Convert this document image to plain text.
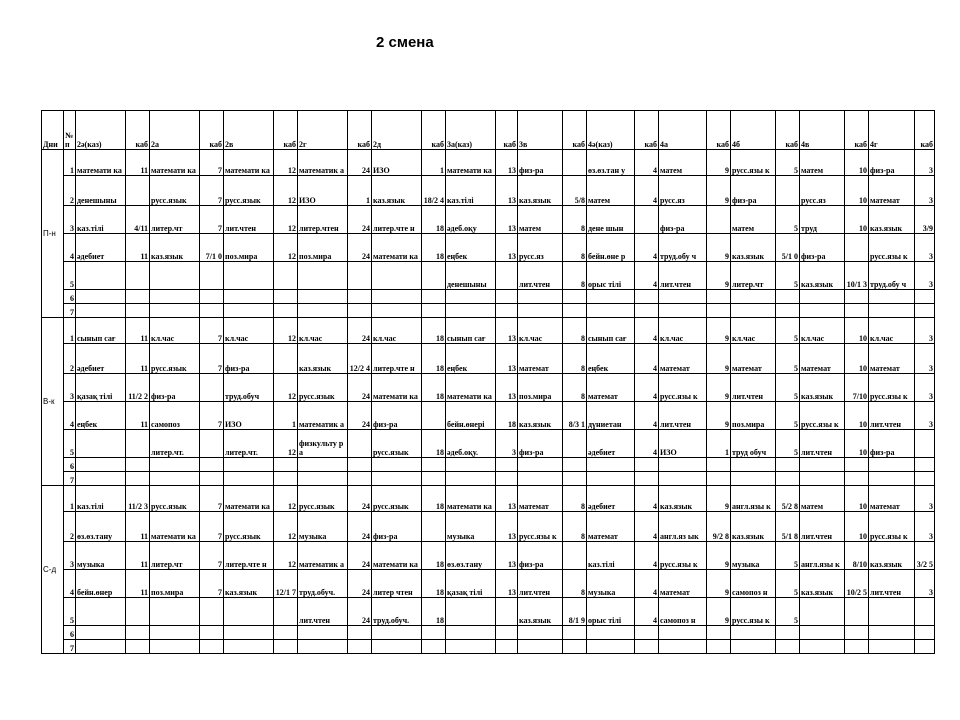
2 смена
Дни	№ п	2ә(каз)	каб	2а	каб	2в	каб	2г	каб	2д	каб	3а(каз)	каб	3в	каб	4ә(каз)	каб	4а	каб	4б	каб	4в	каб	4г	каб
П-н	1	математи ка	11	математи ка	7	математи ка	12	математик а	24	ИЗО	1	математи ка	13	физ-ра		өз.өз.тан у	4	матем	9	русс.язы к	5	матем	10	физ-ра	3
	2	денешыны		русс.язык	7	русс.язык	12	ИЗО	1	каз.язык	18/2 4	каз.тілі	13	каз.язык	5/8	матем	4	русс.яз	9	физ-ра		русс.яз	10	математ	3
	3	каз.тілі	4/11	литер.чт	7	лит.чтен	12	литер.чтен	24	литер.чте н	18	әдеб.оқу	13	матем	8	дене шын		физ-ра		матем	5	труд	10	каз.язык	3/9
	4	әдебиет	11	каз.язык	7/1 0	поз.мира	12	поз.мира	24	математи ка	18	еңбек	13	русс.яз	8	бейн.өне р	4	труд.обу ч	9	каз.язык	5/1 0	физ-ра		русс.язы к	3
	5											денешыны		лит.чтен	8	орыс тілі	4	лит.чтен	9	литер.чт	5	каз.язык	10/1 3	труд.обу ч	3
	6																								
	7																								
В-к	1	сынып сағ	11	кл.час	7	кл.час	12	кл.час	24	кл.час	18	сынып сағ	13	кл.час	8	сынып сағ	4	кл.час	9	кл.час	5	кл.час	10	кл.час	3
	2	әдебиет	11	русс.язык	7	физ-ра		каз.язык	12/2 4	литер.чте н	18	еңбек	13	математ	8	еңбек	4	математ	9	математ	5	математ	10	математ	3
	3	қазақ тілі	11/2 2	физ-ра		труд.обуч	12	русс.язык	24	математи ка	18	математи ка	13	поз.мира	8	математ	4	русс.язы к	9	лит.чтен	5	каз.язык	7/10	русс.язы к	3
	4	еңбек	11	самопоз	7	ИЗО	1	математик а	24	физ-ра		бейн.өнері	18	каз.язык	8/3 1	дүниетан	4	лит.чтен	9	поз.мира	5	русс.язы к	10	лит.чтен	3
	5			литер.чт.		литер.чт.	12	физкульту ра		русс.язык	18	әдеб.оқу.	3	физ-ра		әдебиет	4	ИЗО	1	труд обуч	5	лит.чтен	10	физ-ра	
	6																								
	7																								
С-д	1	каз.тілі	11/2 3	русс.язык	7	математи ка	12	русс.язык	24	русс.язык	18	математи ка	13	математ	8	әдебиет	4	каз.язык	9	англ.язы к	5/2 8	матем	10	математ	3
	2	өз.өз.тану	11	математи ка	7	русс.язык	12	музыка	24	физ-ра		музыка	13	русс.язы к	8	математ	4	англ.яз ык	9/2 8	каз.язык	5/1 8	лит.чтен	10	русс.язы к	3
	3	музыка	11	литер.чт	7	литер.чте н	12	математик а	24	математи ка	18	өз.өз.тану	13	физ-ра		каз.тілі	4	русс.язы к	9	музыка	5	англ.язы к	8/10	каз.язык	3/2 5
	4	бейн.өнер	11	поз.мира	7	каз.язык	12/1 7	труд.обуч.	24	литер чтен	18	қазақ тілі	13	лит.чтен	8	музыка	4	математ	9	самопоз н	5	каз.язык	10/2 5	лит.чтен	3
	5							лит.чтен	24	труд.обуч.	18			каз.язык	8/1 9	орыс тілі	4	самопоз н	9	русс.язы к	5				
	6																								
	7																								
